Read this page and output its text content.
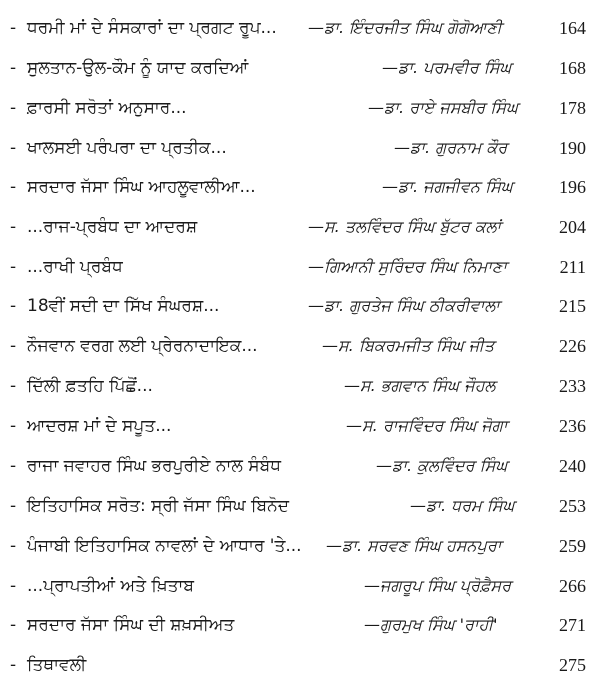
- ਧਰਮੀ ਮਾਂ ਦੇ ਸੰਸਕਾਰਾਂ ਦਾ ਪ੍ਰਗਟ ਰੂਪ... —ਡਾ. ਇੰਦਰਜੀਤ ਸਿੰਘ ਗੋਗੋਆਣੀ	164
- ਸੁਲਤਾਨ-ਉਲ-ਕੌਮ ਨੂੰ ਯਾਦ ਕਰਦਿਆਂ	—ਡਾ. ਪਰਮਵੀਰ ਸਿੰਘ	168
- ਫ਼ਾਰਸੀ ਸਰੋਤਾਂ ਅਨੁਸਾਰ...	—ਡਾ. ਰਾਏ ਜਸਬੀਰ ਸਿੰਘ 178
- ਖਾਲਸਈ ਪਰੰਪਰਾ ਦਾ ਪ੍ਰਤੀਕ...	—ਡਾ. ਗੁਰਨਾਮ ਕੌਰ	190
- ਸਰਦਾਰ ਜੱਸਾ ਸਿੰਘ ਆਹਲੂਵਾਲੀਆ...	—ਡਾ. ਜਗਜੀਵਨ ਸਿੰਘ	196
- ...ਰਾਜ-ਪ੍ਰਬੰਧ ਦਾ ਆਦਰਸ਼	—ਸ. ਤਲਵਿੰਦਰ ਸਿੰਘ ਬੁੱਟਰ ਕਲਾਂ	204
- ...ਰਾਖੀ ਪ੍ਰਬੰਧ	—ਗਿਆਨੀ ਸੁਰਿੰਦਰ ਸਿੰਘ ਨਿਮਾਣਾ	211
- 18ਵੀਂ ਸਦੀ ਦਾ ਸਿੱਖ ਸੰਘਰਸ਼...	—ਡਾ. ਗੁਰਤੇਜ ਸਿੰਘ ਠੀਕਰੀਵਾਲਾ	215
- ਨੌਜਵਾਨ ਵਰਗ ਲਈ ਪ੍ਰੇਰਨਾਦਾਇਕ...	—ਸ. ਬਿਕਰਮਜੀਤ ਸਿੰਘ ਜੀਤ	226
- ਦਿੱਲੀ ਫ਼ਤਹਿ ਪਿੱਛੋਂ...	—ਸ. ਭਗਵਾਨ ਸਿੰਘ ਜੌਹਲ	233
- ਆਦਰਸ਼ ਮਾਂ ਦੇ ਸਪੂਤ...	—ਸ. ਰਾਜਵਿੰਦਰ ਸਿੰਘ ਜੋਗਾ	236
- ਰਾਜਾ ਜਵਾਹਰ ਸਿੰਘ ਭਰਪੁਰੀਏ ਨਾਲ ਸੰਬੰਧ	—ਡਾ. ਕੁਲਵਿੰਦਰ ਸਿੰਘ	240
- ਇਤਿਹਾਸਿਕ ਸਰੋਤ: ਸ੍ਰੀ ਜੱਸਾ ਸਿੰਘ ਬਿਨੋਦ	—ਡਾ. ਧਰਮ ਸਿੰਘ 253
- ਪੰਜਾਬੀ ਇਤਿਹਾਸਿਕ ਨਾਵਲਾਂ ਦੇ ਆਧਾਰ 'ਤੇ... —ਡਾ. ਸਰਵਣ ਸਿੰਘ ਹਸਨਪੁਰਾ	259
- ...ਪ੍ਰਾਪਤੀਆਂ ਅਤੇ ਖ਼ਿਤਾਬ	—ਜਗਰੂਪ ਸਿੰਘ ਪ੍ਰੋਫ਼ੈਸਰ	266
- ਸਰਦਾਰ ਜੱਸਾ ਸਿੰਘ ਦੀ ਸ਼ਖ਼ਸੀਅਤ	—ਗੁਰਮੁਖ ਸਿੰਘ 'ਰਾਹੀ'	271
- ਤਿਥਾਵਲੀ	275
